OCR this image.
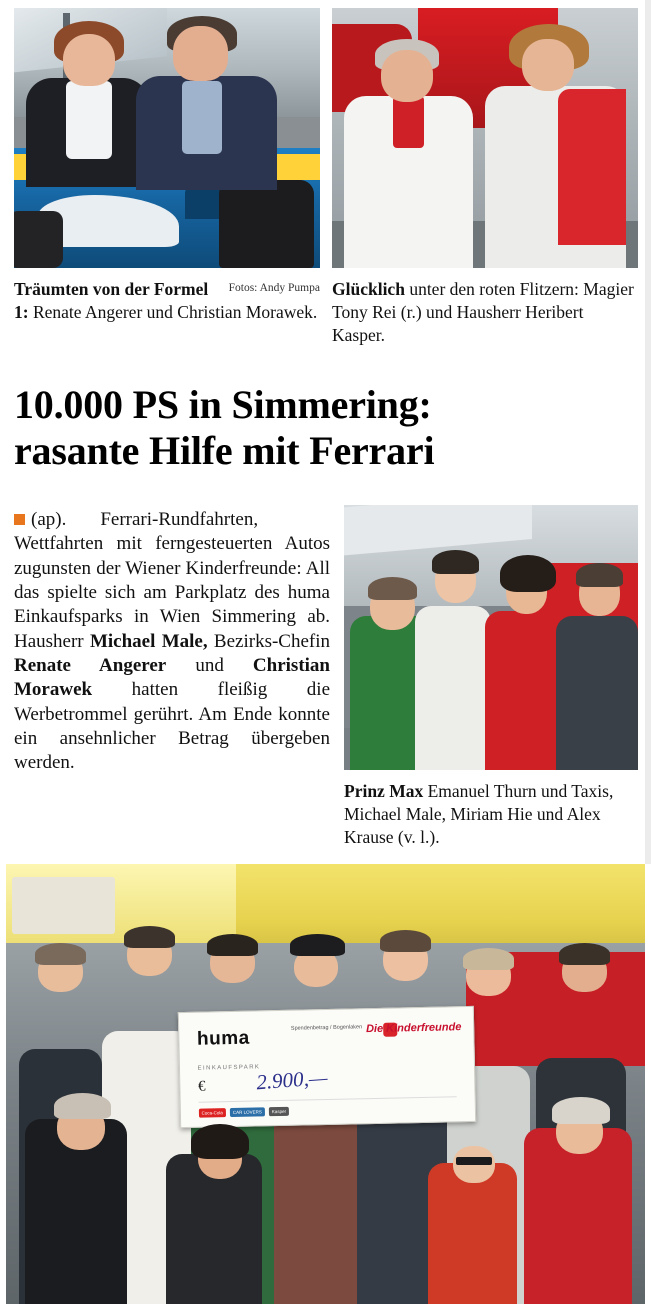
Fotos: Andy Pumpa
Träumten von der Formel 1: Renate Angerer und Christian Morawek.
Glücklich unter den roten Flitzern: Magier Tony Rei (r.) und Hausherr Heribert Kasper.
10.000 PS in Simmering:
rasante Hilfe mit Ferrari
(ap). Ferrari-Rundfahrten, Wettfahrten mit ferngesteuerten Autos zugunsten der Wiener Kinderfreunde: All das spielte sich am Parkplatz des huma Einkaufsparks in Wien Simmering ab. Hausherr Michael Male, Bezirks-Chefin Renate Angerer und Christian Morawek hatten fleißig die Werbetrommel gerührt. Am Ende konnte ein ansehnlicher Betrag übergeben werden.
Prinz Max Emanuel Thurn und Taxis, Michael Male, Miriam Hie und Alex Krause (v. l.).
huma
EINKAUFSPARK
Spendenbetrag / Bogenlaken Die Kinderfreunde
€ 2.900,—
Coca-Cola	CAR LOVERS	Kasper
